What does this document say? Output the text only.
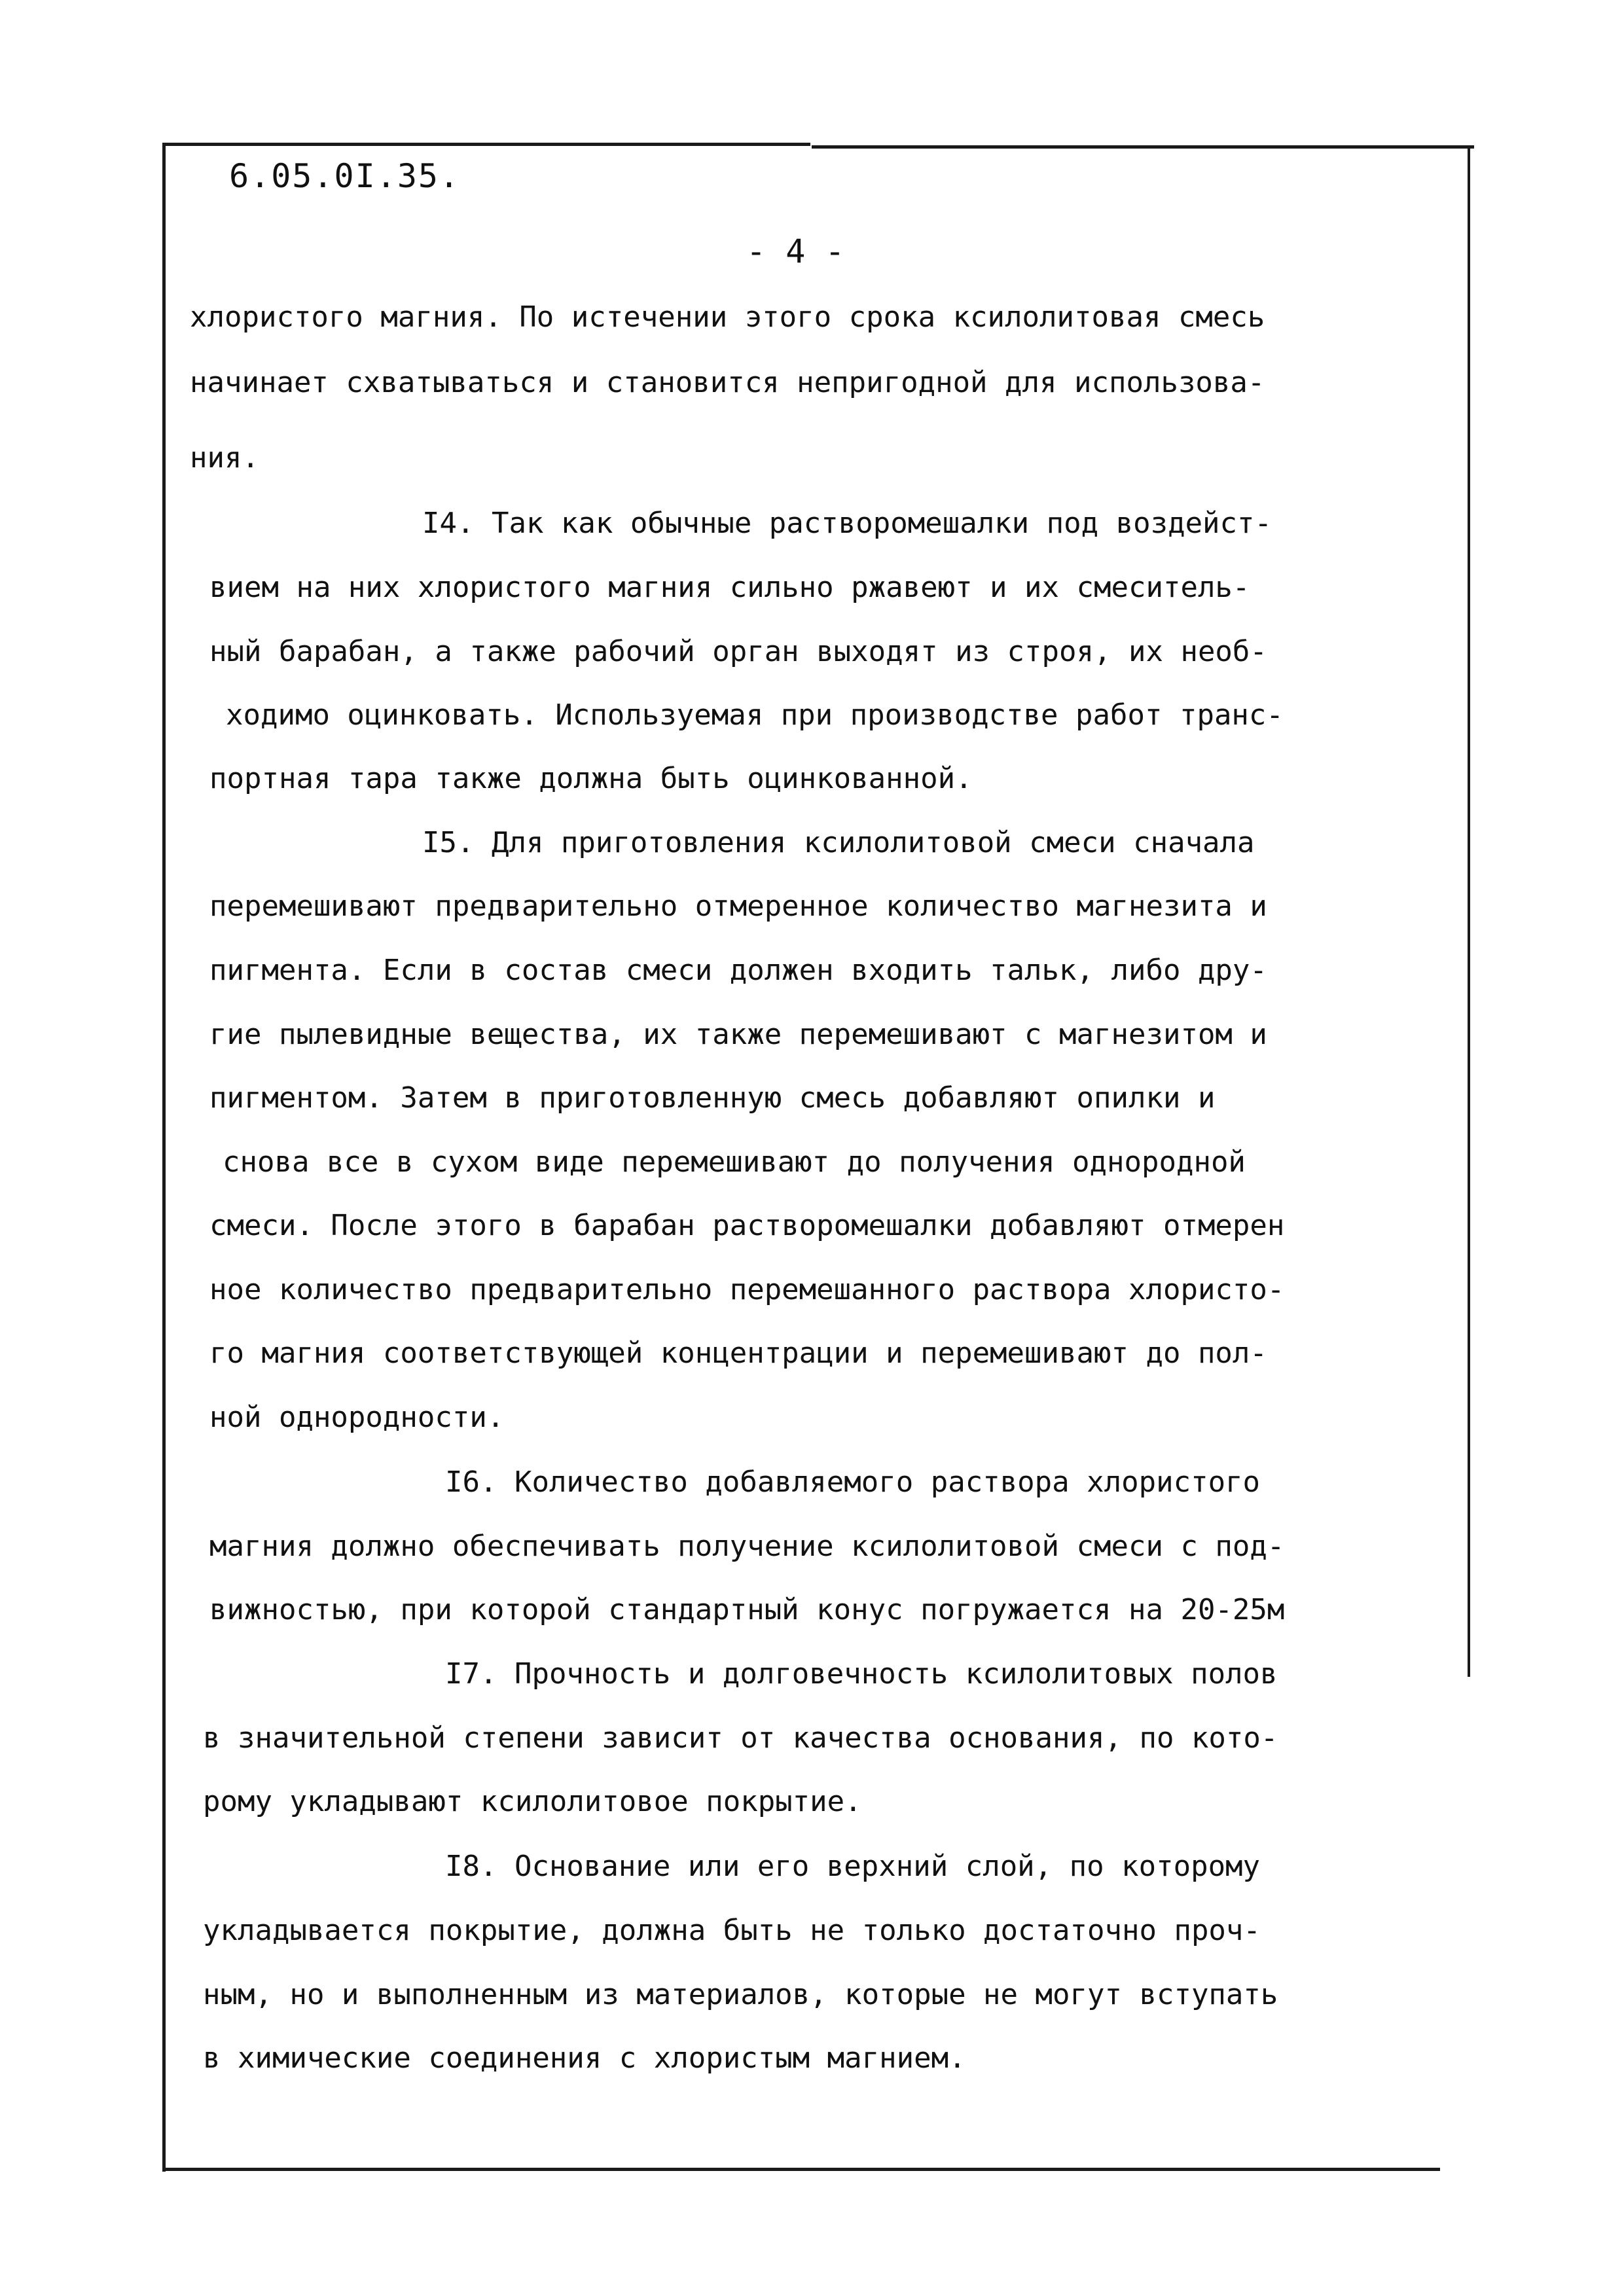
6.05.0I.35.
- 4 -
хлористого магния. По истечении этого срока ксилолитовая смесь
начинает схватываться и становится непригодной для использова-
ния.
I4. Так как обычные растворомешалки под воздейст-
вием на них хлористого магния сильно ржавеют и их смеситель-
ный барабан, а также рабочий орган выходят из строя, их необ-
ходимо оцинковать. Используемая при производстве работ транс-
портная тара также должна быть оцинкованной.
I5. Для приготовления ксилолитовой смеси сначала
перемешивают предварительно отмеренное количество магнезита и
пигмента. Если в состав смеси должен входить тальк, либо дру-
гие пылевидные вещества, их также перемешивают с магнезитом и
пигментом. Затем в приготовленную смесь добавляют опилки и
снова все в сухом виде перемешивают до получения однородной
смеси. После этого в барабан растворомешалки добавляют отмерен
ное количество предварительно перемешанного раствора хлористо-
го магния соответствующей концентрации и перемешивают до пол-
ной однородности.
I6. Количество добавляемого раствора хлористого
магния должно обеспечивать получение ксилолитовой смеси с под-
вижностью, при которой стандартный конус погружается на 20-25м
I7. Прочность и долговечность ксилолитовых полов
в значительной степени зависит от качества основания, по кото-
рому укладывают ксилолитовое покрытие.
I8. Основание или его верхний слой, по которому
укладывается покрытие, должна быть не только достаточно проч-
ным, но и выполненным из материалов, которые не могут вступать
в химические соединения с хлористым магнием.
